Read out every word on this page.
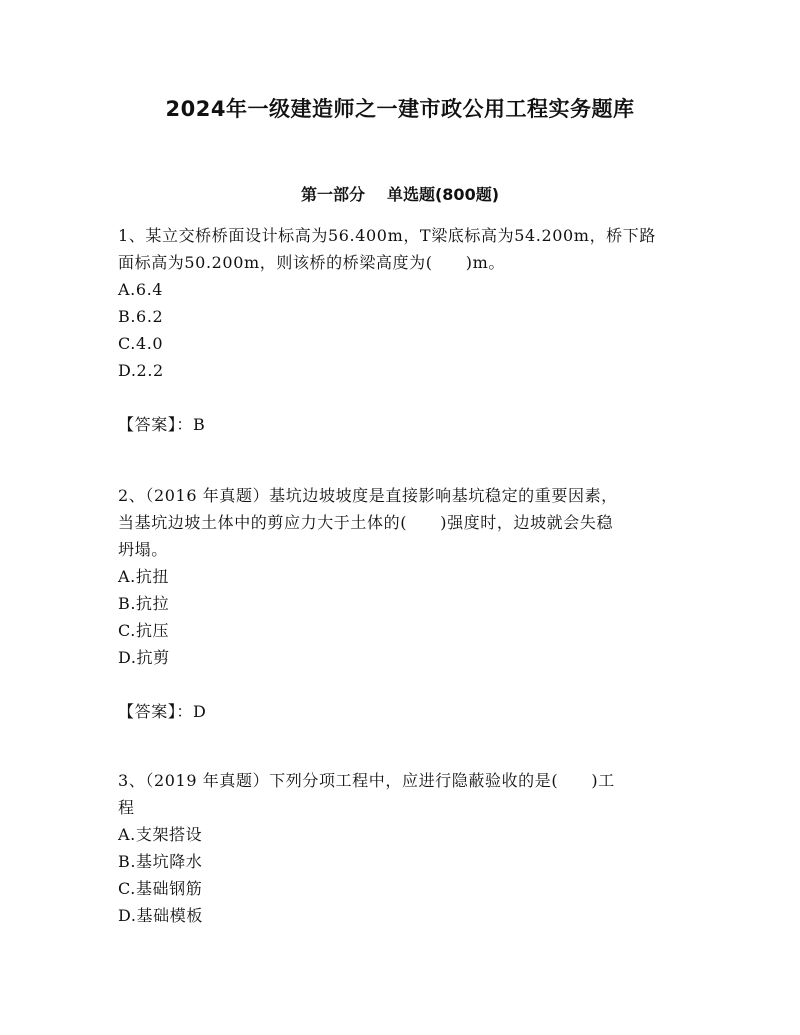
2024年一级建造师之一建市政公用工程实务题库
第一部分 单选题(800题)

1、某立交桥桥面设计标高为56.400m，T梁底标高为54.200m，桥下路

面标高为50.200m，则该桥的桥梁高度为(　　)m。

A.6.4

B.6.2

C.4.0

D.2.2

【答案】：B

2、（2016 年真题）基坑边坡坡度是直接影响基坑稳定的重要因素，

当基坑边坡土体中的剪应力大于土体的(　　)强度时，边坡就会失稳

坍塌。

A.抗扭

B.抗拉

C.抗压

D.抗剪

【答案】：D

3、（2019 年真题）下列分项工程中，应进行隐蔽验收的是(　　)工

程

A.支架搭设

B.基坑降水

C.基础钢筋

D.基础模板
